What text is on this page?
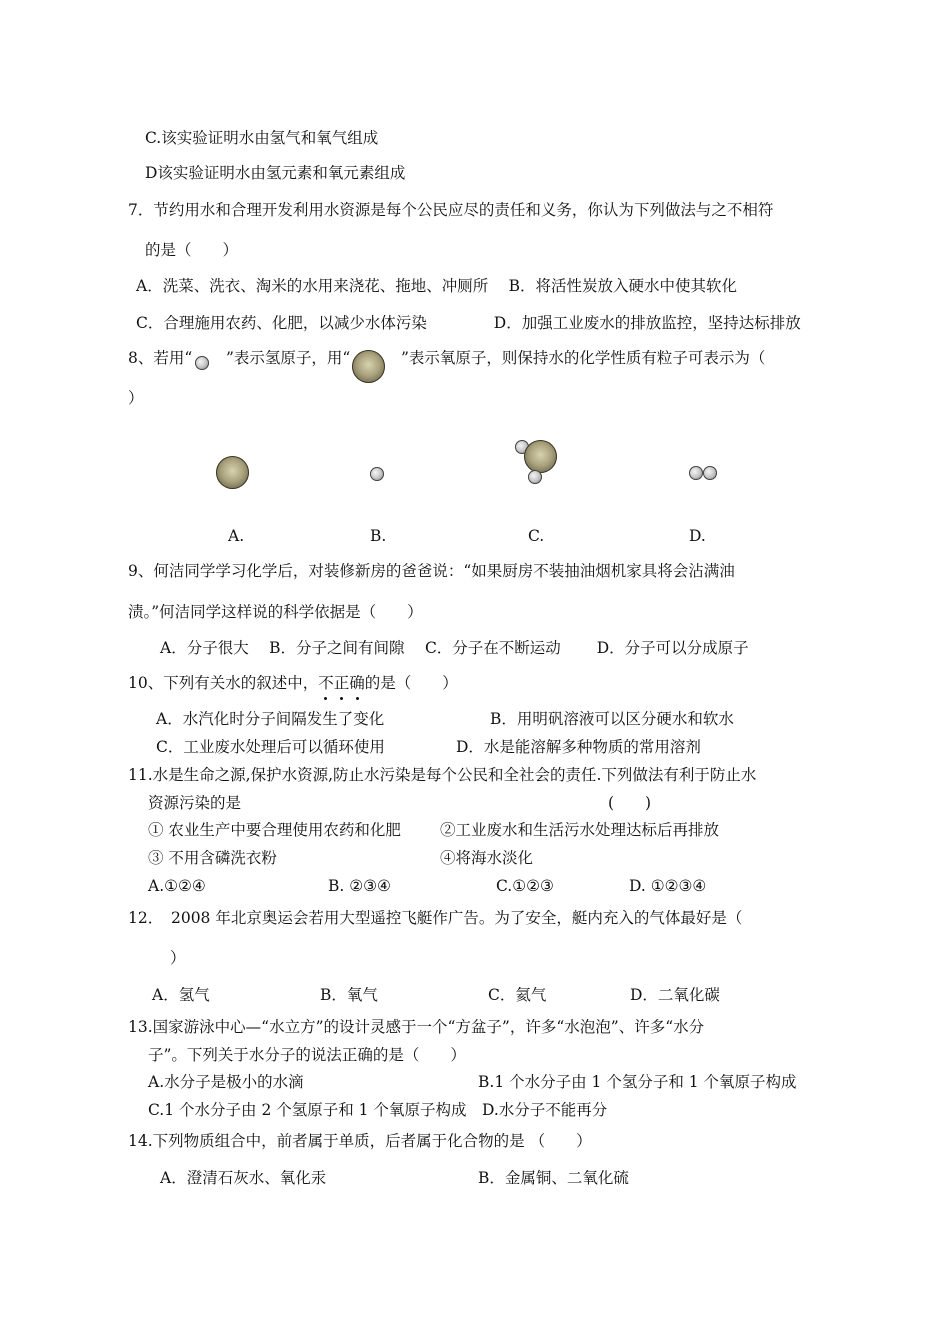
C.该实验证明水由氢气和氧气组成
D该实验证明水由氢元素和氧元素组成
7．节约用水和合理开发利用水资源是每个公民应尽的责任和义务，你认为下列做法与之不相符
的是（　　）
A．洗菜、洗衣、淘米的水用来浇花、拖地、冲厕所　 B．将活性炭放入硬水中使其软化
C．合理施用农药、化肥，以减少水体污染　　　　 D．加强工业废水的排放监控，坚持达标排放
8、若用“ ”表示氢原子，用“	”表示氧原子，则保持水的化学性质有粒子可表示为（
）
A.	B.	C.	D.
9、何洁同学学习化学后，对装修新房的爸爸说：“如果厨房不装抽油烟机家具将会沾满油
渍。”何洁同学这样说的科学依据是（　　）
A．分子很大　 B．分子之间有间隙　 C．分子在不断运动　　 D．分子可以分成原子
10、下列有关水的叙述中，不正确的是（　　）
A．水汽化时分子间隔发生了变化	B．用明矾溶液可以区分硬水和软水
C．工业废水处理后可以循环使用	D．水是能溶解多种物质的常用溶剂
11.水是生命之源,保护水资源,防止水污染是每个公民和全社会的责任.下列做法有利于防止水
资源污染的是	(　　)
① 农业生产中要合理使用农药和化肥	②工业废水和生活污水处理达标后再排放
③ 不用含磷洗衣粉	④将海水淡化
A.①②④	B. ②③④	C.①②③	D. ①②③④
12．　2008 年北京奥运会若用大型遥控飞艇作广告。为了安全，艇内充入的气体最好是（
）
A．氢气	B．氧气	C．氦气	D．二氧化碳
13.国家游泳中心—“水立方”的设计灵感于一个“方盆子”，许多“水泡泡”、许多“水分
子”。下列关于水分子的说法正确的是（　　）
A.水分子是极小的水滴	B.1 个水分子由 1 个氢分子和 1 个氧原子构成
C.1 个水分子由 2 个氢原子和 1 个氧原子构成 D.水分子不能再分
14.下列物质组合中，前者属于单质，后者属于化合物的是 （　　）
A．澄清石灰水、氧化汞	B．金属铜、二氧化硫
